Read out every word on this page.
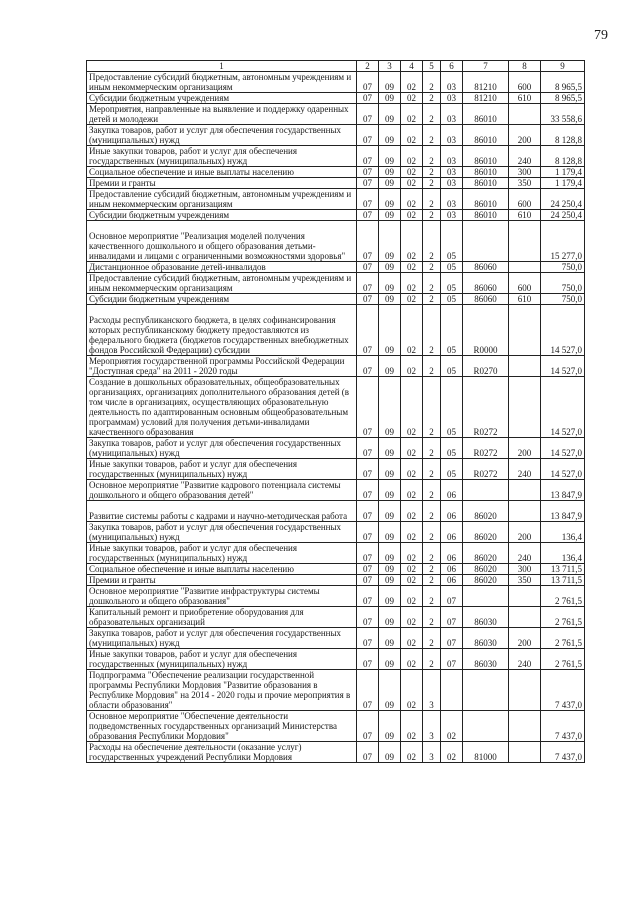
79
1	2	3	4	5	6	7	8	9
Предоставление субсидий бюджетным, автономным учреждениям и иным некоммерческим организациям	07	09	02	2	03	81210	600	8 965,5
Субсидии бюджетным учреждениям	07	09	02	2	03	81210	610	8 965,5
Мероприятия, направленные на выявление и поддержку одаренных детей и молодежи	07	09	02	2	03	86010		33 558,6
Закупка товаров, работ и услуг для обеспечения государственных (муниципальных) нужд	07	09	02	2	03	86010	200	8 128,8
Иные закупки товаров, работ и услуг для обеспечения государственных (муниципальных) нужд	07	09	02	2	03	86010	240	8 128,8
Социальное обеспечение и иные выплаты населению	07	09	02	2	03	86010	300	1 179,4
Премии и гранты	07	09	02	2	03	86010	350	1 179,4
Предоставление субсидий бюджетным, автономным учреждениям и иным некоммерческим организациям	07	09	02	2	03	86010	600	24 250,4
Субсидии бюджетным учреждениям	07	09	02	2	03	86010	610	24 250,4
Основное мероприятие "Реализация моделей получения качественного дошкольного и общего образования детьми-инвалидами и лицами с ограниченными возможностями здоровья"	07	09	02	2	05			15 277,0
Дистанционное образование детей-инвалидов	07	09	02	2	05	86060		750,0
Предоставление субсидий бюджетным, автономным учреждениям и иным некоммерческим организациям	07	09	02	2	05	86060	600	750,0
Субсидии бюджетным учреждениям	07	09	02	2	05	86060	610	750,0
Расходы республиканского бюджета, в целях софинансирования которых республиканскому бюджету предоставляются из федерального бюджета (бюджетов государственных внебюджетных фондов Российской Федерации) субсидии	07	09	02	2	05	R0000		14 527,0
Мероприятия государственной программы Российской Федерации "Доступная среда" на 2011 - 2020 годы	07	09	02	2	05	R0270		14 527,0
Создание в дошкольных образовательных, общеобразовательных организациях, организациях дополнительного образования детей (в том числе в организациях, осуществляющих образовательную деятельность по адаптированным основным общеобразовательным программам) условий для получения детьми-инвалидами качественного образования	07	09	02	2	05	R0272		14 527,0
Закупка товаров, работ и услуг для обеспечения государственных (муниципальных) нужд	07	09	02	2	05	R0272	200	14 527,0
Иные закупки товаров, работ и услуг для обеспечения государственных (муниципальных) нужд	07	09	02	2	05	R0272	240	14 527,0
Основное мероприятие "Развитие кадрового потенциала системы дошкольного и общего образования детей"	07	09	02	2	06			13 847,9
Развитие системы работы с кадрами и научно-методическая работа	07	09	02	2	06	86020		13 847,9
Закупка товаров, работ и услуг для обеспечения государственных (муниципальных) нужд	07	09	02	2	06	86020	200	136,4
Иные закупки товаров, работ и услуг для обеспечения государственных (муниципальных) нужд	07	09	02	2	06	86020	240	136,4
Социальное обеспечение и иные выплаты населению	07	09	02	2	06	86020	300	13 711,5
Премии и гранты	07	09	02	2	06	86020	350	13 711,5
Основное мероприятие "Развитие инфраструктуры системы дошкольного и общего образования"	07	09	02	2	07			2 761,5
Капитальный ремонт и приобретение оборудования для образовательных организаций	07	09	02	2	07	86030		2 761,5
Закупка товаров, работ и услуг для обеспечения государственных (муниципальных) нужд	07	09	02	2	07	86030	200	2 761,5
Иные закупки товаров, работ и услуг для обеспечения государственных (муниципальных) нужд	07	09	02	2	07	86030	240	2 761,5
Подпрограмма "Обеспечение реализации государственной программы Республики Мордовия "Развитие образования в Республике Мордовия" на 2014 - 2020 годы и прочие мероприятия в области образования"	07	09	02	3				7 437,0
Основное мероприятие "Обеспечение деятельности подведомственных государственных организаций Министерства образования Республики Мордовия"	07	09	02	3	02			7 437,0
Расходы на обеспечение деятельности (оказание услуг) государственных учреждений Республики Мордовия	07	09	02	3	02	81000		7 437,0
